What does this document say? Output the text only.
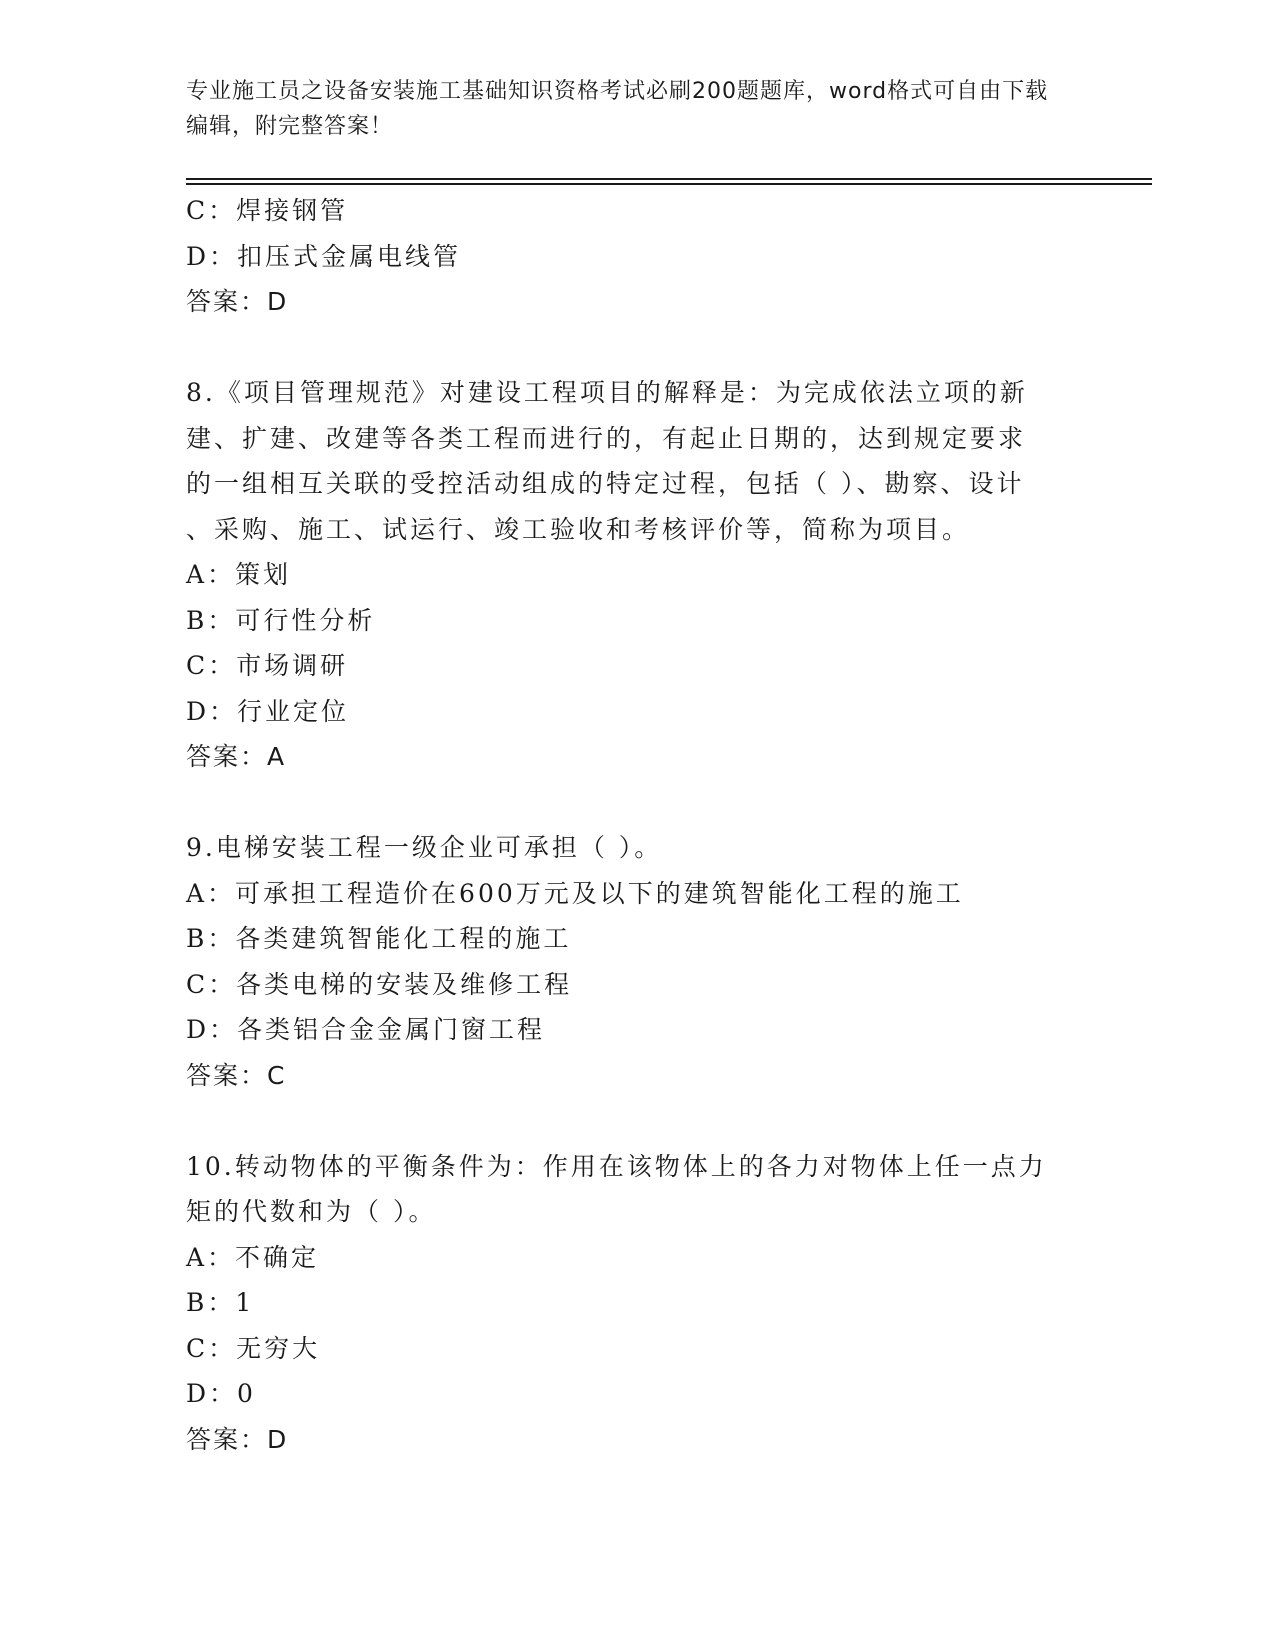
专业施工员之设备安装施工基础知识资格考试必刷200题题库，word格式可自由下载编辑，附完整答案！
C：焊接钢管
D：扣压式金属电线管
答案：D
8.《项目管理规范》对建设工程项目的解释是：为完成依法立项的新
建、扩建、改建等各类工程而进行的，有起止日期的，达到规定要求
的一组相互关联的受控活动组成的特定过程，包括（ ）、勘察、设计
、采购、施工、试运行、竣工验收和考核评价等，简称为项目。
A：策划
B：可行性分析
C：市场调研
D：行业定位
答案：A
9.电梯安装工程一级企业可承担（ ）。
A：可承担工程造价在600万元及以下的建筑智能化工程的施工
B：各类建筑智能化工程的施工
C：各类电梯的安装及维修工程
D：各类铝合金金属门窗工程
答案：C
10.转动物体的平衡条件为：作用在该物体上的各力对物体上任一点力
矩的代数和为（ ）。
A：不确定
B：1
C：无穷大
D：0
答案：D
